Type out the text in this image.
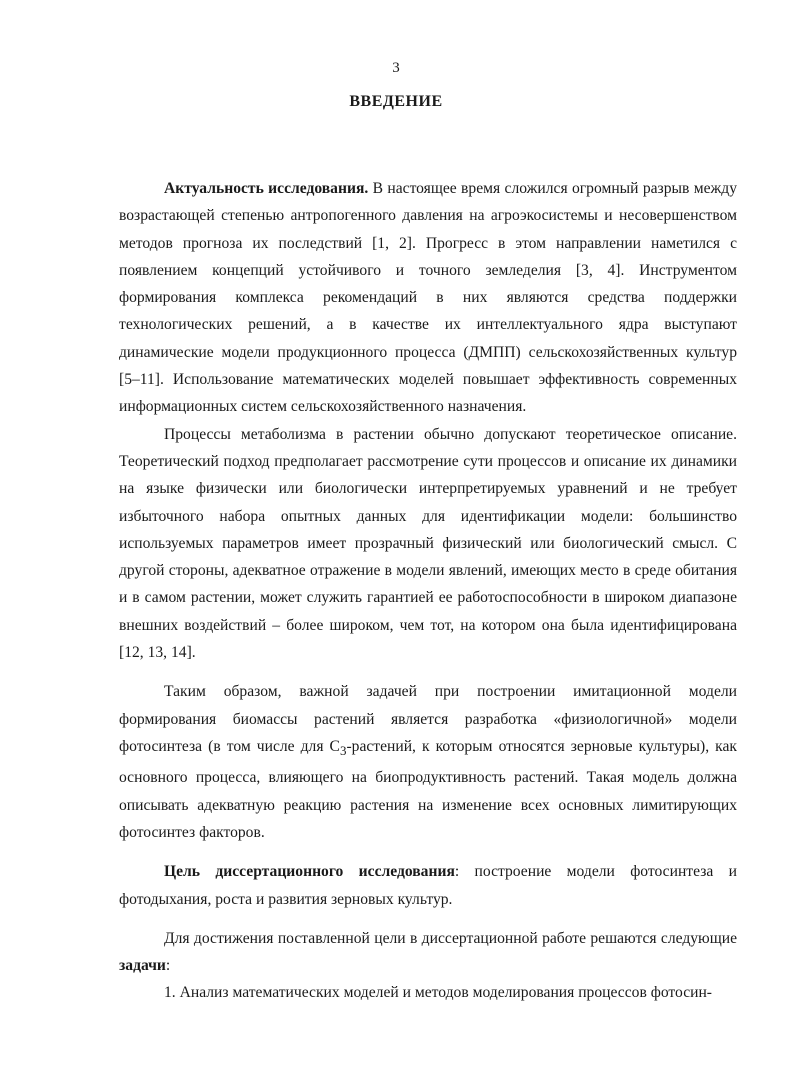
3
ВВЕДЕНИЕ

Актуальность исследования. В настоящее время сложился огромный разрыв между возрастающей степенью антропогенного давления на агроэкосистемы и несовершенством методов прогноза их последствий [1, 2]. Прогресс в этом направлении наметился с появлением концепций устойчивого и точного земледелия [3, 4]. Инструментом формирования комплекса рекомендаций в них являются средства поддержки технологических решений, а в качестве их интеллектуального ядра выступают динамические модели продукционного процесса (ДМПП) сельскохозяйственных культур [5–11]. Использование математических моделей повышает эффективность современных информационных систем сельскохозяйственного назначения.

Процессы метаболизма в растении обычно допускают теоретическое описание. Теоретический подход предполагает рассмотрение сути процессов и описание их динамики на языке физически или биологически интерпретируемых уравнений и не требует избыточного набора опытных данных для идентификации модели: большинство используемых параметров имеет прозрачный физический или биологический смысл. С другой стороны, адекватное отражение в модели явлений, имеющих место в среде обитания и в самом растении, может служить гарантией ее работоспособности в широком диапазоне внешних воздействий – более широком, чем тот, на котором она была идентифицирована [12, 13, 14].

Таким образом, важной задачей при построении имитационной модели формирования биомассы растений является разработка «физиологичной» модели фотосинтеза (в том числе для $С_3$-растений, к которым относятся зерновые культуры), как основного процесса, влияющего на биопродуктивность растений. Такая модель должна описывать адекватную реакцию растения на изменение всех основных лимитирующих фотосинтез факторов.

Цель диссертационного исследования: построение модели фотосинтеза и фотодыхания, роста и развития зерновых культур.

Для достижения поставленной цели в диссертационной работе решаются следующие задачи:

1. Анализ математических моделей и методов моделирования процессов фотосин-
